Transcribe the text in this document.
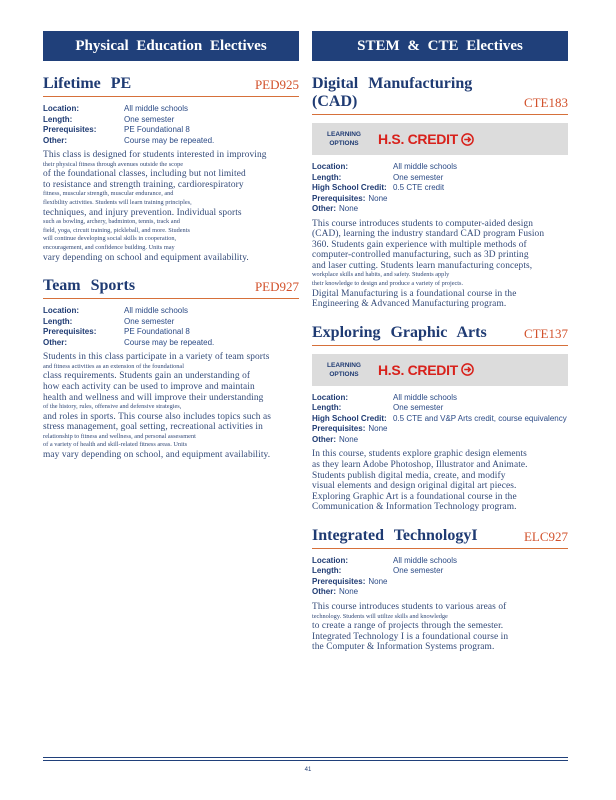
Physical Education Electives
Lifetime PE	PED925
Location:	All middle schools
Length:	One semester
Prerequisites:	PE Foundational 8
Other:	Course may be repeated.

This class is designed for students interested in improving

their physical fitness through avenues outside the scope

of the foundational classes, including but not limited

to resistance and strength training, cardiorespiratory

fitness, muscular strength, muscular endurance, and

flexibility activities. Students will learn training principles,

techniques, and injury prevention. Individual sports

such as bowling, archery, badminton, tennis, track and

field, yoga, circuit training, pickleball, and more. Students

will continue developing social skills in cooperation,

encouragement, and confidence building. Units may

vary depending on school and equipment availability.

Team Sports	PED927
Location:	All middle schools
Length:	One semester
Prerequisites:	PE Foundational 8
Other:	Course may be repeated.

Students in this class participate in a variety of team sports

and fitness activities as an extension of the foundational

class requirements. Students gain an understanding of

how each activity can be used to improve and maintain

health and wellness and will improve their understanding

of the history, rules, offensive and defensive strategies,

and roles in sports. This course also includes topics such as

stress management, goal setting, recreational activities in

relationship to fitness and wellness, and personal assessment

of a variety of health and skill-related fitness areas. Units

may vary depending on school, and equipment availability.

STEM & CTE Electives
Digital Manufacturing (CAD)	CTE183
LEARNING OPTIONS	H.S. CREDIT
Location:	All middle schools
Length:	One semester
High School Credit: 0.5 CTE credit
Prerequisites: None
Other: None

This course introduces students to computer-aided design

(CAD), learning the industry standard CAD program Fusion

360. Students gain experience with multiple methods of

computer-controlled manufacturing, such as 3D printing

and laser cutting. Students learn manufacturing concepts,

workplace skills and habits, and safety. Students apply

their knowledge to design and produce a variety of projects.

Digital Manufacturing is a foundational course in the

Engineering & Advanced Manufacturing program.

Exploring Graphic Arts	CTE137
LEARNING OPTIONS	H.S. CREDIT
Location:	All middle schools
Length:	One semester
High School Credit: 0.5 CTE and V&P Arts credit, course equivalency
Prerequisites: None
Other: None

In this course, students explore graphic design elements

as they learn Adobe Photoshop, Illustrator and Animate.

Students publish digital media, create, and modify

visual elements and design original digital art pieces.

Exploring Graphic Art is a foundational course in the

Communication & Information Technology program.

Integrated TechnologyI	ELC927
Location:	All middle schools
Length:	One semester
Prerequisites: None
Other: None

This course introduces students to various areas of

technology. Students will utilize skills and knowledge

to create a range of projects through the semester.

Integrated Technology I is a foundational course in

the Computer & Information Systems program.

41
